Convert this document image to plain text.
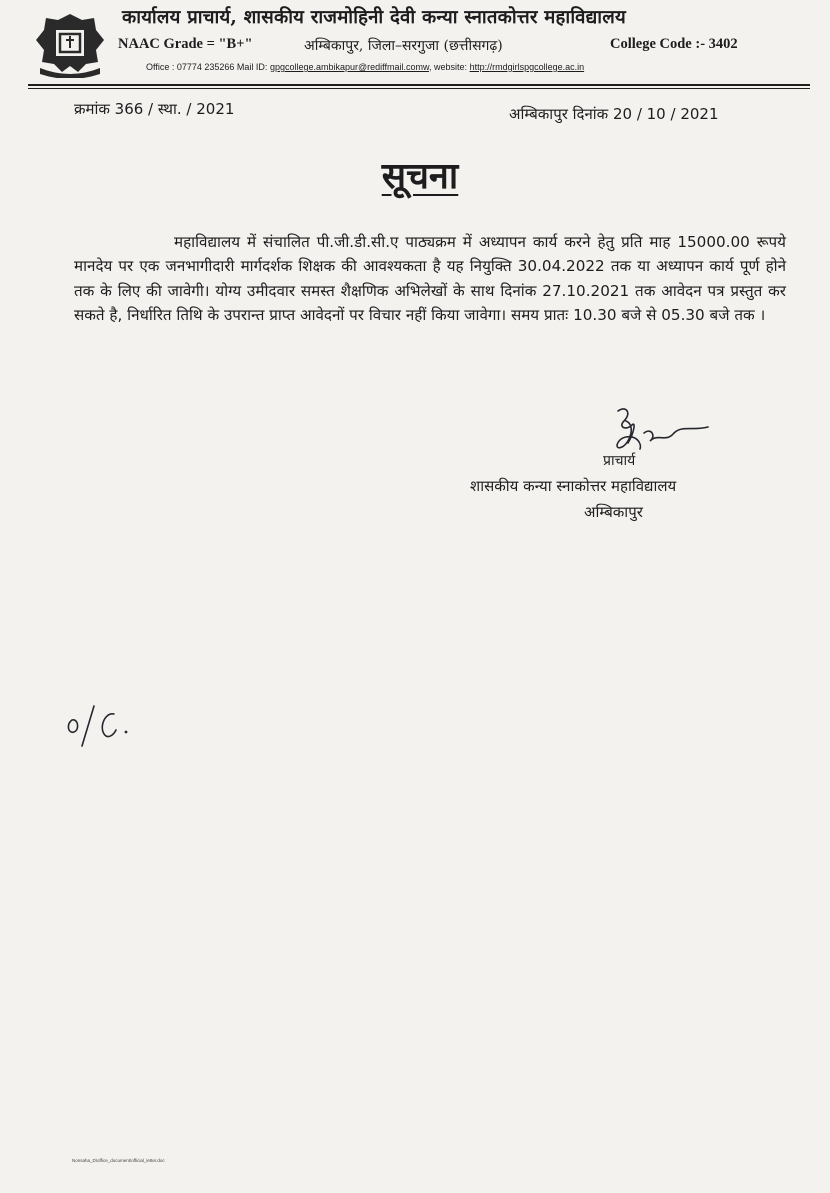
कार्यालय प्राचार्य, शासकीय राजमोहिनी देवी कन्या स्नातकोत्तर महाविद्यालय
NAAC Grade = "B+"	अम्बिकापुर, जिला–सरगुजा (छत्तीसगढ़)	College Code :- 3402
Office : 07774 235266 Mail ID: gpgcollege.ambikapur@rediffmail.comw, website: http://rmdgirlspgcollege.ac.in
क्रमांक 366 / स्था. / 2021	अम्बिकापुर दिनांक 20 / 10 / 2021
सूचना
महाविद्यालय में संचालित पी.जी.डी.सी.ए पाठ्यक्रम में अध्यापन कार्य करने हेतु प्रति माह 15000.00 रूपये मानदेय पर एक जनभागीदारी मार्गदर्शक शिक्षक की आवश्यकता है यह नियुक्ति 30.04.2022 तक या अध्यापन कार्य पूर्ण होने तक के लिए की जावेगी। योग्य उमीदवार समस्त शैक्षणिक अभिलेखों के साथ दिनांक 27.10.2021 तक आवेदन पत्र प्रस्तुत कर सकते है, निर्धारित तिथि के उपरान्त प्राप्त आवेदनों पर विचार नहीं किया जावेगा। समय प्रातः 10.30 बजे से 05.30 बजे तक ।
प्राचार्य
शासकीय कन्या स्नाकोत्तर महाविद्यालय
अम्बिकापुर
Nonsaha_D\office_document\official_letter.doc
